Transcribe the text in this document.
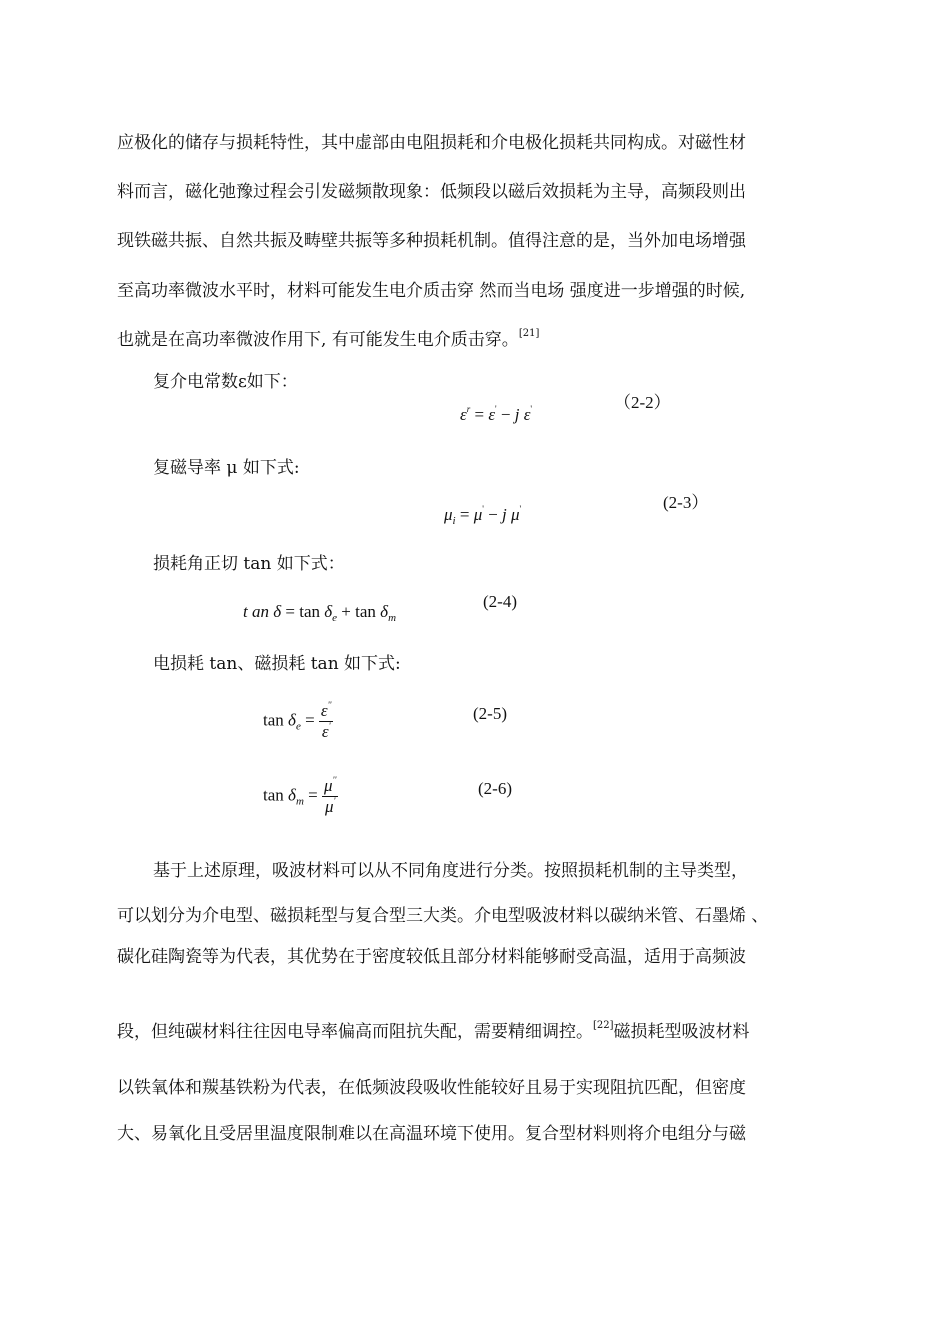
应极化的储存与损耗特性，其中虚部由电阻损耗和介电极化损耗共同构成。对磁性材
料而言，磁化弛豫过程会引发磁频散现象：低频段以磁后效损耗为主导，高频段则出
现铁磁共振、自然共振及畴壁共振等多种损耗机制。值得注意的是，当外加电场增强
至高功率微波水平时，材料可能发生电介质击穿 然而当电场 强度进一步增强的时候,
也就是在高功率微波作用下, 有可能发生电介质击穿。[21]
复介电常数ε如下：
$\varepsilon^r = \varepsilon' - j$ ε'	（2-2）
复磁导率 μ 如下式:
$\mu_i = \mu' - j$ μ'	(2-3）
损耗角正切 tan 如下式：
t an $\delta = \tan \delta_e + \tan \delta_m$
(2-4)
电损耗 tan、磁损耗 tan 如下式:
$\tan \delta_e = \frac{\varepsilon''}{\varepsilon'}$	(2-5)
$\tan \delta_m = \frac{\mu''}{\mu'}$	(2-6)
基于上述原理，吸波材料可以从不同角度进行分类。按照损耗机制的主导类型，
可以划分为介电型、磁损耗型与复合型三大类。介电型吸波材料以碳纳米管、石墨烯 、
碳化硅陶瓷等为代表，其优势在于密度较低且部分材料能够耐受高温，适用于高频波
段，但纯碳材料往往因电导率偏高而阻抗失配，需要精细调控。[22]磁损耗型吸波材料
以铁氧体和羰基铁粉为代表，在低频波段吸收性能较好且易于实现阻抗匹配，但密度
大、易氧化且受居里温度限制难以在高温环境下使用。复合型材料则将介电组分与磁
